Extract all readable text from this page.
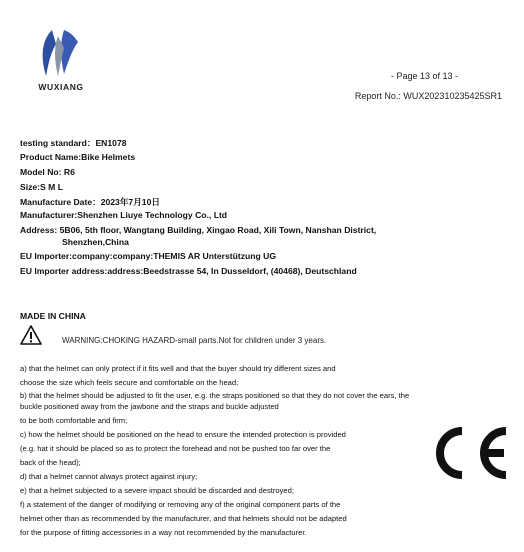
WUXIANG
- Page 13 of 13 -
Report No.: WUX202310235425SR1
testing standard：EN1078
Product Name:Bike Helmets
Model No: R6
Size:S M L
Manufacture Date：2023年7月10日
Manufacturer:Shenzhen Liuye Technology Co., Ltd
Address: 5B06, 5th floor, Wangtang Building, Xingao Road, Xili Town, Nanshan District,
Shenzhen,China
EU Importer:company:company:THEMIS AR Unterstützung UG
EU Importer address:address:Beedstrasse 54, In Dusseldorf, (40468), Deutschland
MADE IN CHINA
WARNING:CHOKING HAZARD-small parts.Not for children under 3 years.
a) that the helmet can only protect if it fits well and that the buyer should try different sizes and
choose the size which feels secure and comfortable on the head;
b) that the helmet should be adjusted to fit the user, e.g. the straps positioned so that they do not cover the ears, the
buckle positioned away from the jawbone and the straps and buckle adjusted
to be both comfortable and firm;
c) how the helmet should be positioned on the head to ensure the intended protection is provided
(e.g. hat it should be placed so as to protect the forehead and not be pushed too far over the
back of the head);
d) that a helmet cannot always protect against injury;
e) that a helmet subjected to a severe impact should be discarded and destroyed;
f) a statement of the danger of modifying or removing any of the original component parts of the
helmet other than as recommended by the manufacturer, and that helmets should not be adapted
for the purpose of fitting accessories in a way not recommended by the manufacturer.
